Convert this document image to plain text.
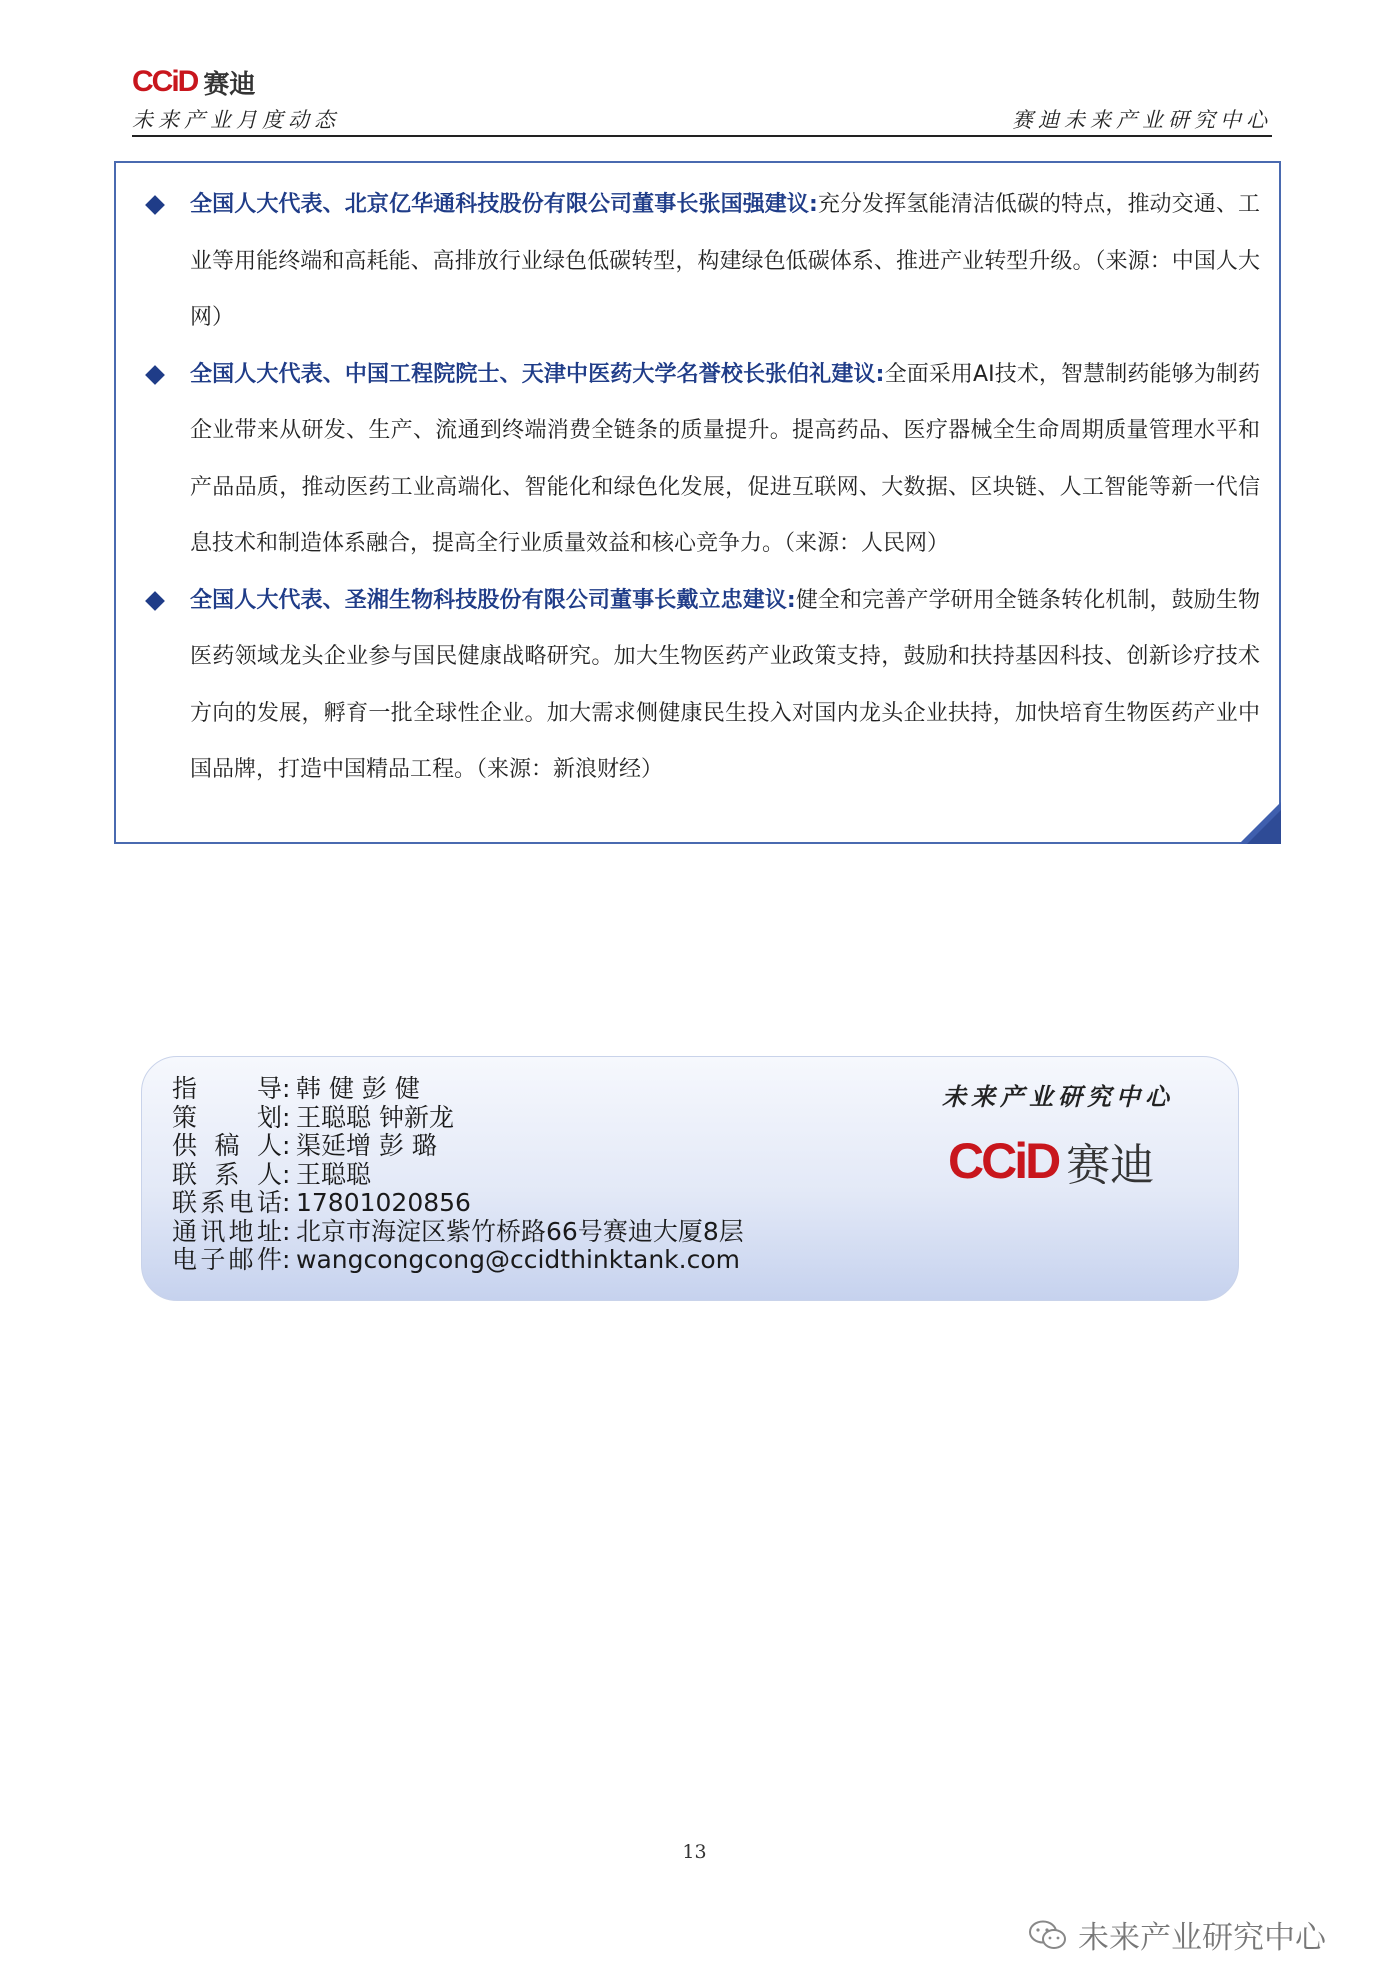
CCiD 赛迪
未来产业月度动态	赛迪未来产业研究中心

全国人大代表、北京亿华通科技股份有限公司董事长张国强建议:充分发挥氢能清洁低碳的特点，推动交通、工业等用能终端和高耗能、高排放行业绿色低碳转型，构建绿色低碳体系、推进产业转型升级。（来源：中国人大网）

全国人大代表、中国工程院院士、天津中医药大学名誉校长张伯礼建议:全面采用AI技术，智慧制药能够为制药企业带来从研发、生产、流通到终端消费全链条的质量提升。提高药品、医疗器械全生命周期质量管理水平和产品品质，推动医药工业高端化、智能化和绿色化发展，促进互联网、大数据、区块链、人工智能等新一代信息技术和制造体系融合，提高全行业质量效益和核心竞争力。（来源：人民网）

全国人大代表、圣湘生物科技股份有限公司董事长戴立忠建议:健全和完善产学研用全链条转化机制，鼓励生物医药领域龙头企业参与国民健康战略研究。加大生物医药产业政策支持，鼓励和扶持基因科技、创新诊疗技术方向的发展，孵育一批全球性企业。加大需求侧健康民生投入对国内龙头企业扶持，加快培育生物医药产业中国品牌，打造中国精品工程。（来源：新浪财经）

指导 : 韩 健 彭 健
策划 : 王聪聪 钟新龙
供稿人 : 渠延增 彭 璐
联系人 : 王聪聪
联系电话 : 17801020856
通讯地址 : 北京市海淀区紫竹桥路66号赛迪大厦8层
电子邮件 : wangcongcong@ccidthinktank.com
未来产业研究中心
CCiD 赛迪
13
未来产业研究中心
